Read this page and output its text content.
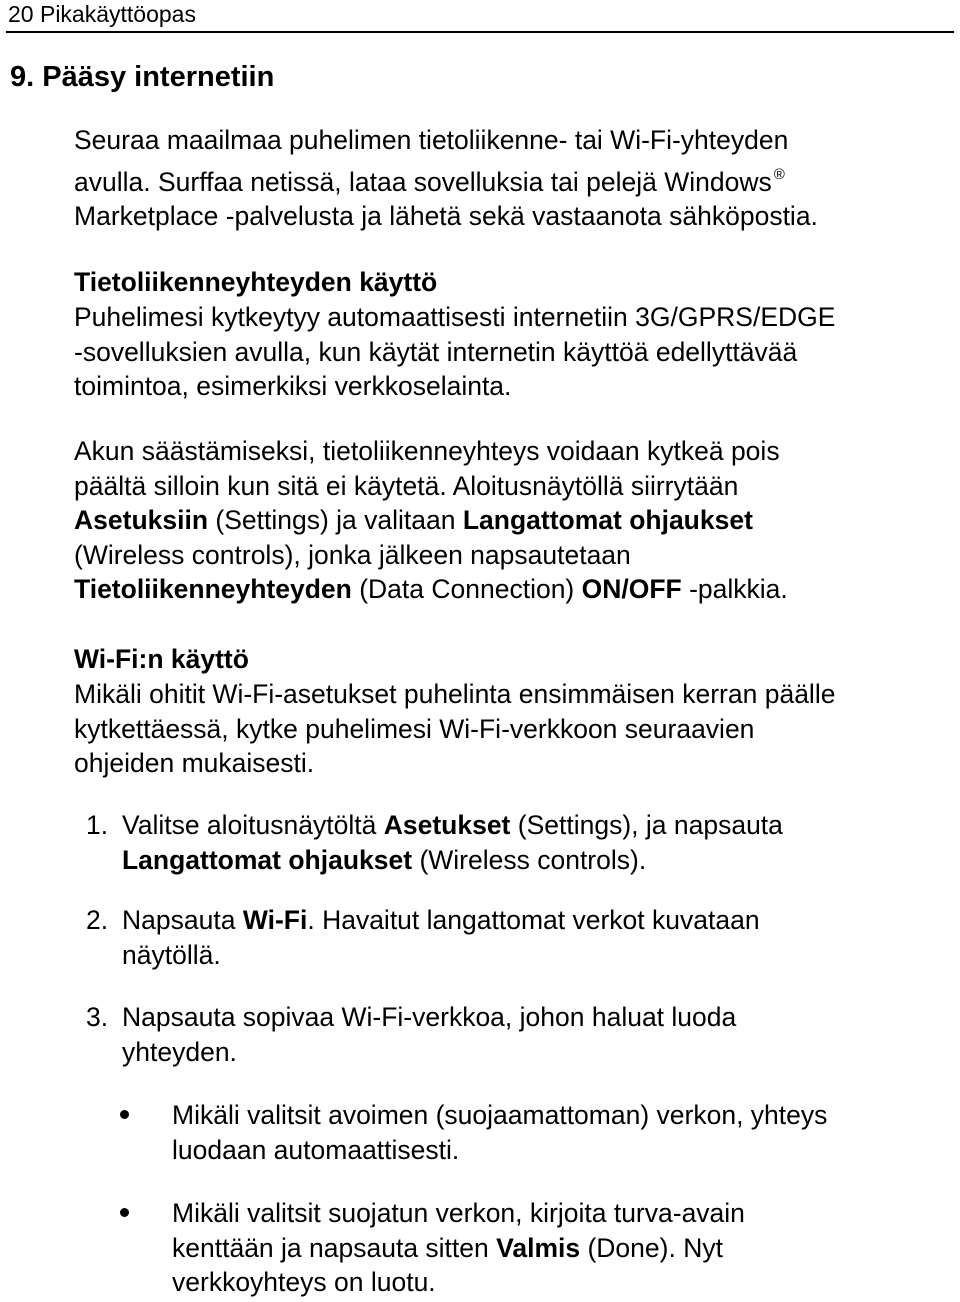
20 Pikakäyttöopas
9. Pääsy internetiin
Seuraa maailmaa puhelimen tietoliikenne- tai Wi-Fi-yhteyden
avulla. Surffaa netissä, lataa sovelluksia tai pelejä Windows ®
Marketplace -palvelusta ja lähetä sekä vastaanota sähköpostia.
Tietoliikenneyhteyden käyttö
Puhelimesi kytkeytyy automaattisesti internetiin 3G/GPRS/EDGE
-sovelluksien avulla, kun käytät internetin käyttöä edellyttävää
toimintoa, esimerkiksi verkkoselainta.
Akun säästämiseksi, tietoliikenneyhteys voidaan kytkeä pois
päältä silloin kun sitä ei käytetä. Aloitusnäytöllä siirrytään
Asetuksiin (Settings) ja valitaan Langattomat ohjaukset
(Wireless controls), jonka jälkeen napsautetaan
Tietoliikenneyhteyden (Data Connection) ON/OFF -palkkia.
Wi-Fi:n käyttö
Mikäli ohitit Wi-Fi-asetukset puhelinta ensimmäisen kerran päälle
kytkettäessä, kytke puhelimesi Wi-Fi-verkkoon seuraavien
ohjeiden mukaisesti.
1. Valitse aloitusnäytöltä Asetukset (Settings), ja napsauta
Langattomat ohjaukset (Wireless controls).
2. Napsauta Wi-Fi. Havaitut langattomat verkot kuvataan
näytöllä.
3. Napsauta sopivaa Wi-Fi-verkkoa, johon haluat luoda
yhteyden.
Mikäli valitsit avoimen (suojaamattoman) verkon, yhteys
luodaan automaattisesti.
Mikäli valitsit suojatun verkon, kirjoita turva-avain
kenttään ja napsauta sitten Valmis (Done). Nyt
verkkoyhteys on luotu.
